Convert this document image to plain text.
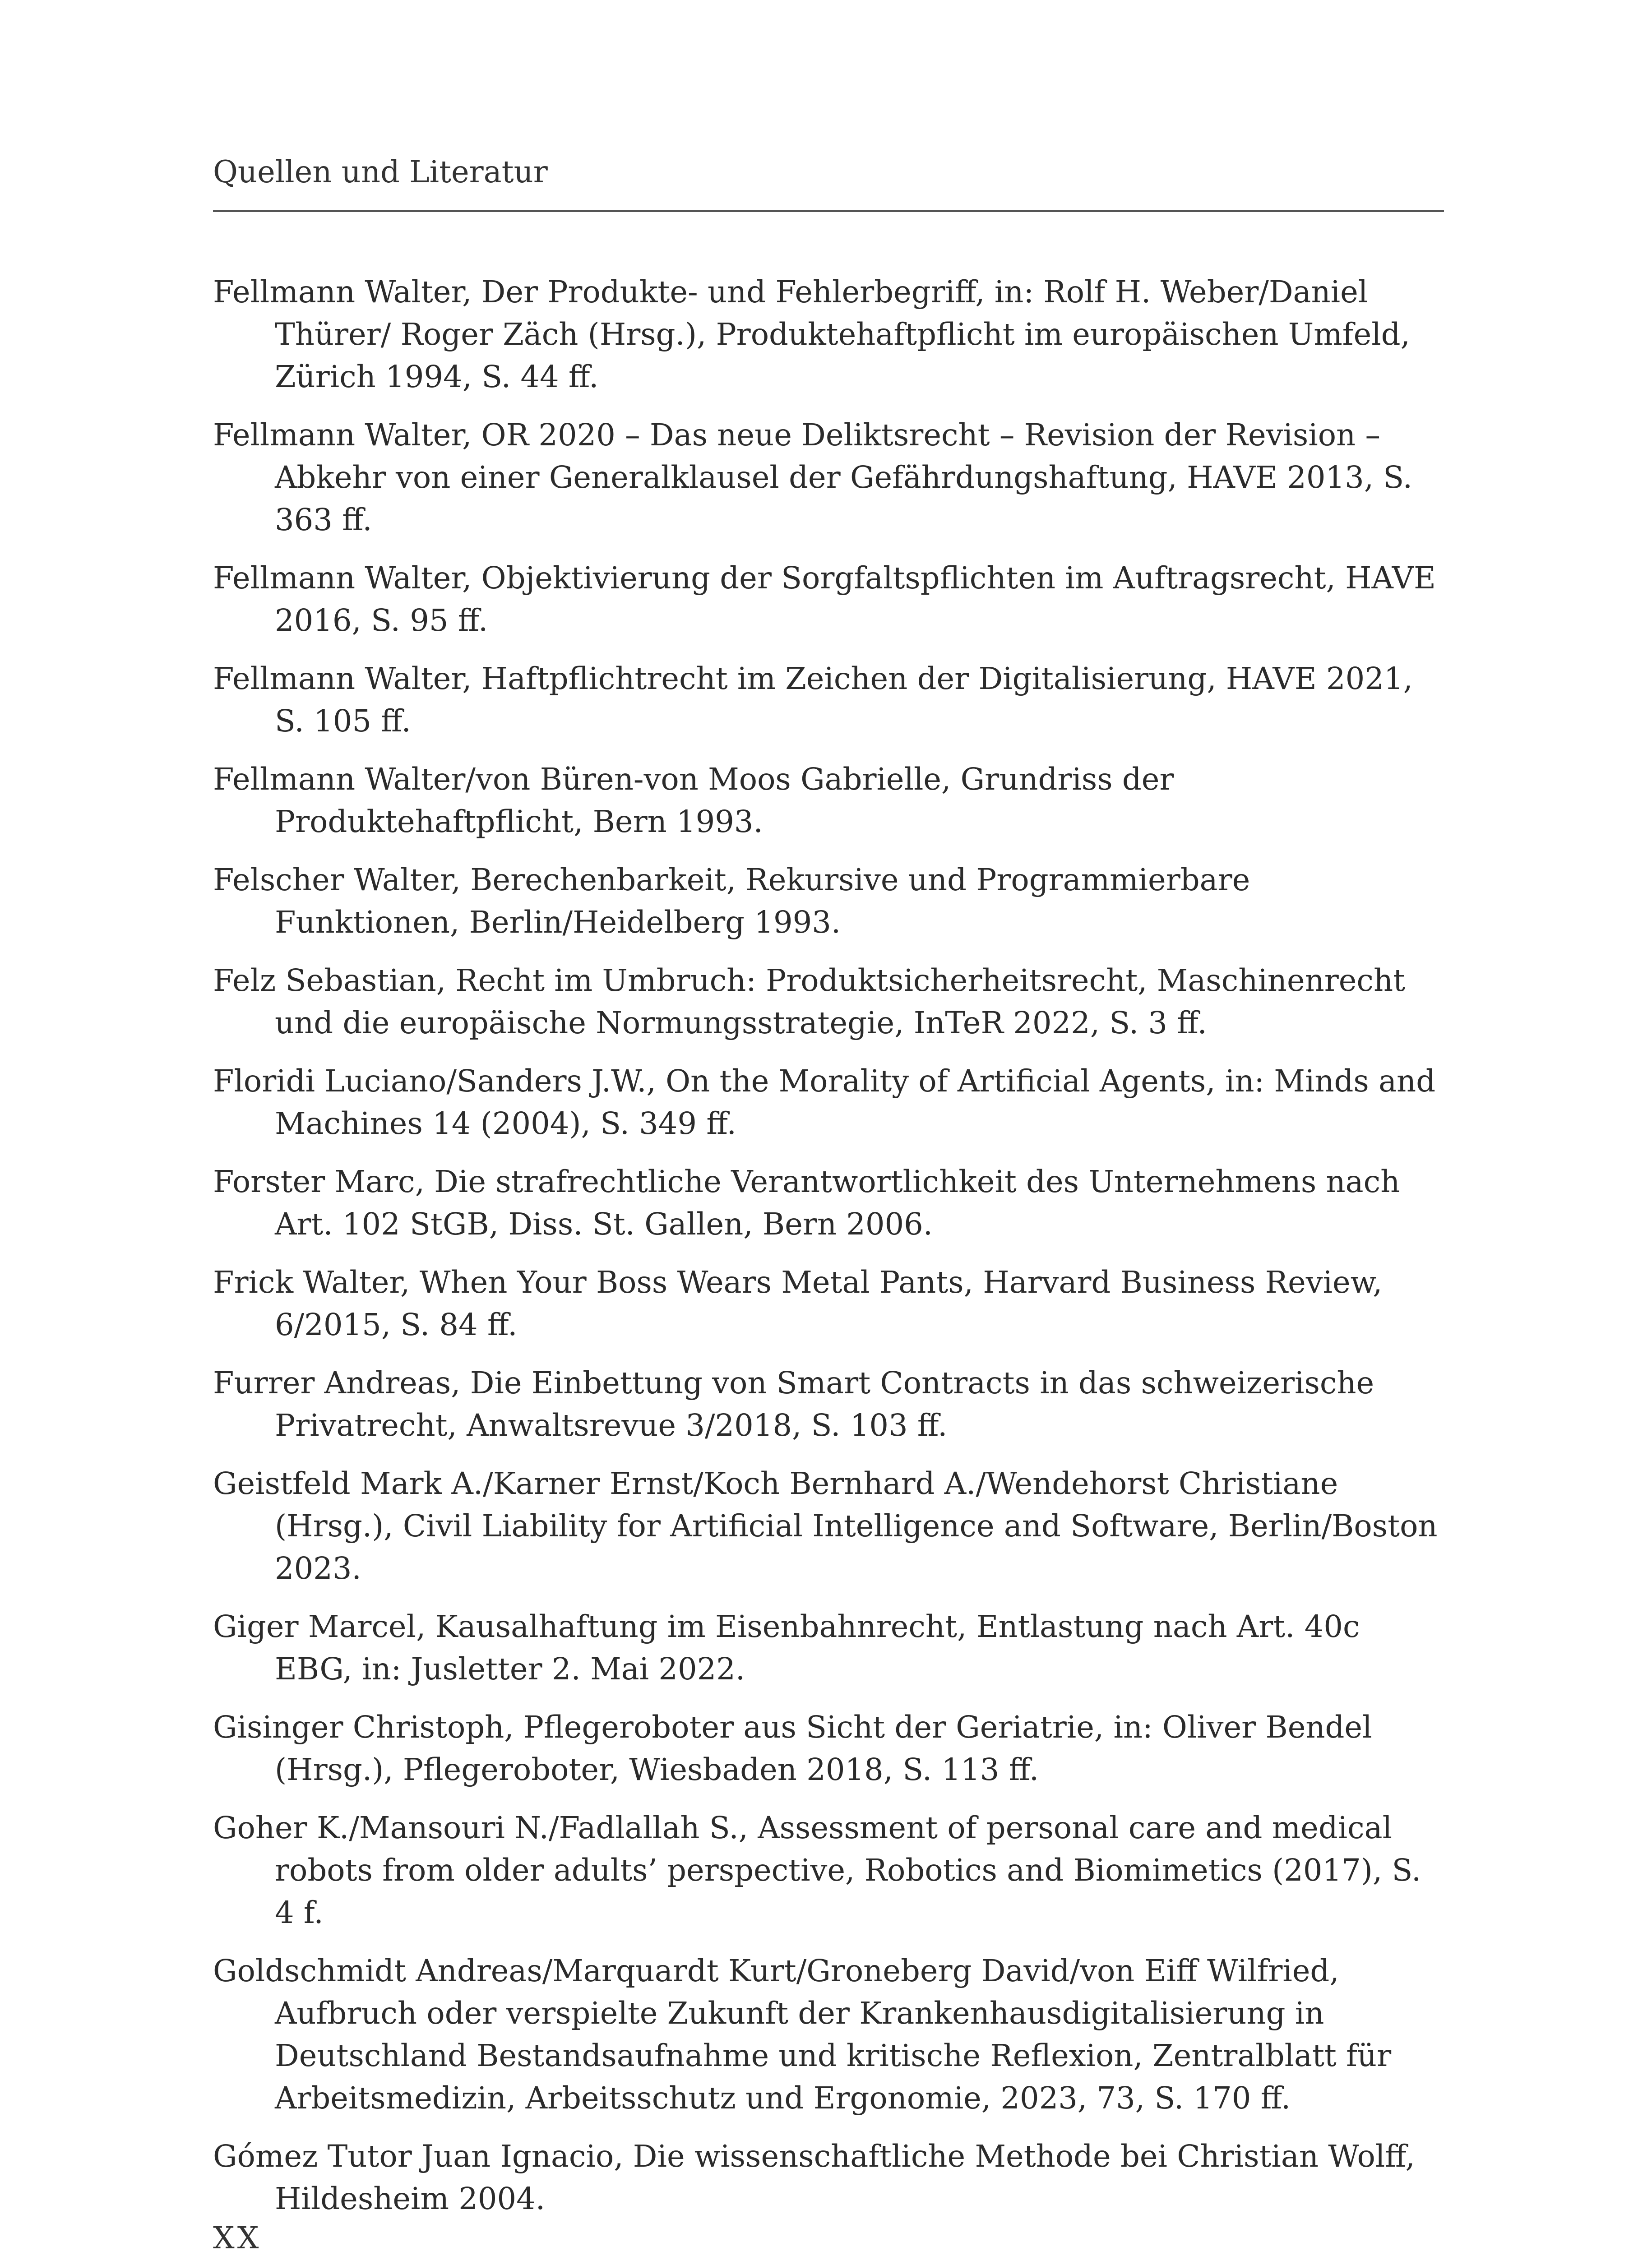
Quellen und Literatur
Fellmann Walter, Der Produkte- und Fehlerbegriff, in: Rolf H. Weber/Daniel Thürer/ Roger Zäch (Hrsg.), Produktehaftpflicht im europäischen Umfeld, Zürich 1994, S. 44 ff.
Fellmann Walter, OR 2020 – Das neue Deliktsrecht – Revision der Revision – Abkehr von einer Generalklausel der Gefährdungshaftung, HAVE 2013, S. 363 ff.
Fellmann Walter, Objektivierung der Sorgfaltspflichten im Auftragsrecht, HAVE 2016, S. 95 ff.
Fellmann Walter, Haftpflichtrecht im Zeichen der Digitalisierung, HAVE 2021, S. 105 ff.
Fellmann Walter/von Büren-von Moos Gabrielle, Grundriss der Produktehaftpflicht, Bern 1993.
Felscher Walter, Berechenbarkeit, Rekursive und Programmierbare Funktionen, Berlin/Heidelberg 1993.
Felz Sebastian, Recht im Umbruch: Produktsicherheitsrecht, Maschinenrecht und die europäische Normungsstrategie, InTeR 2022, S. 3 ff.
Floridi Luciano/Sanders J.W., On the Morality of Artificial Agents, in: Minds and Machines 14 (2004), S. 349 ff.
Forster Marc, Die strafrechtliche Verantwortlichkeit des Unternehmens nach Art. 102 StGB, Diss. St. Gallen, Bern 2006.
Frick Walter, When Your Boss Wears Metal Pants, Harvard Business Review, 6/2015, S. 84 ff.
Furrer Andreas, Die Einbettung von Smart Contracts in das schweizerische Privatrecht, Anwaltsrevue 3/2018, S. 103 ff.
Geistfeld Mark A./Karner Ernst/Koch Bernhard A./Wendehorst Christiane (Hrsg.), Civil Liability for Artificial Intelligence and Software, Berlin/Boston 2023.
Giger Marcel, Kausalhaftung im Eisenbahnrecht, Entlastung nach Art. 40c EBG, in: Jusletter 2. Mai 2022.
Gisinger Christoph, Pflegeroboter aus Sicht der Geriatrie, in: Oliver Bendel (Hrsg.), Pflegeroboter, Wiesbaden 2018, S. 113 ff.
Goher K./Mansouri N./Fadlallah S., Assessment of personal care and medical robots from older adults’ perspective, Robotics and Biomimetics (2017), S. 4 f.
Goldschmidt Andreas/Marquardt Kurt/Groneberg David/von Eiff Wilfried, Aufbruch oder verspielte Zukunft der Krankenhausdigitalisierung in Deutschland Bestandsaufnahme und kritische Reflexion, Zentralblatt für Arbeitsmedizin, Arbeitsschutz und Ergonomie, 2023, 73, S. 170 ff.
Gómez Tutor Juan Ignacio, Die wissenschaftliche Methode bei Christian Wolff, Hildesheim 2004.
XX
